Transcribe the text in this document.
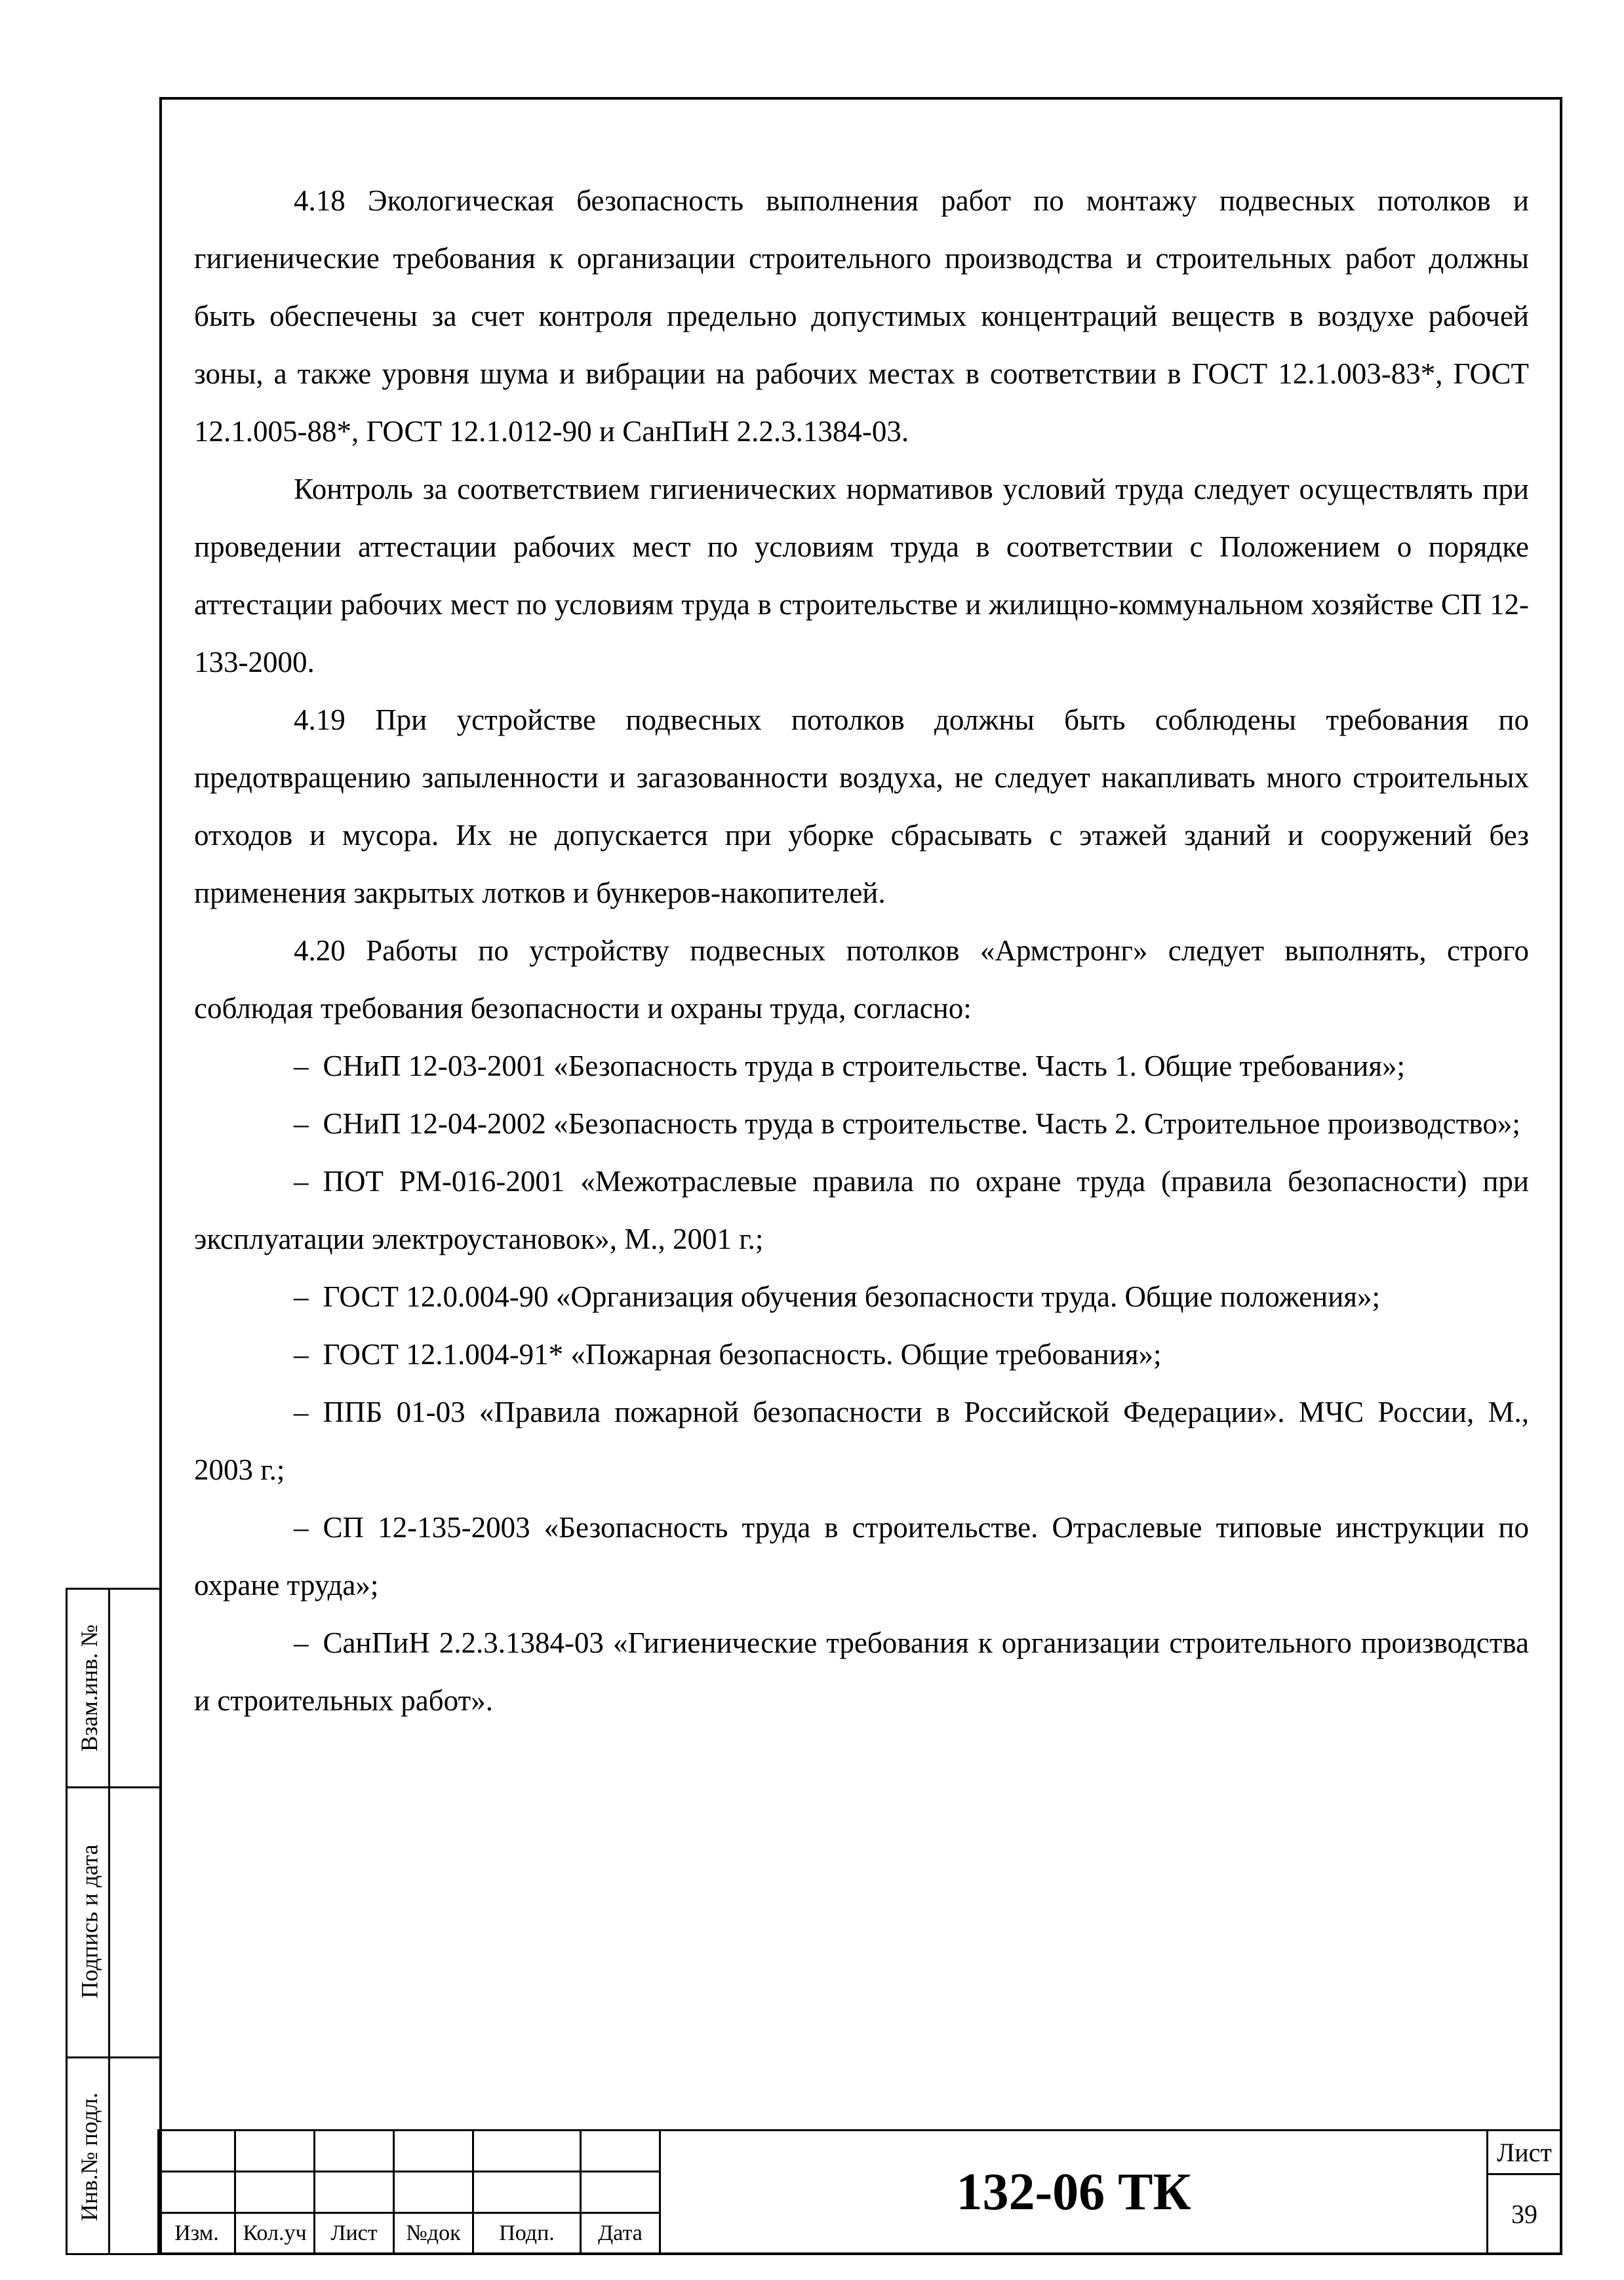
4.18 Экологическая безопасность выполнения работ по монтажу подвесных потолков и гигиенические требования к организации строительного производства и строительных работ должны быть обеспечены за счет контроля предельно допустимых концентраций веществ в воздухе рабочей зоны, а также уровня шума и вибрации на рабочих местах в соответствии в ГОСТ 12.1.003-83*, ГОСТ 12.1.005-88*, ГОСТ 12.1.012-90 и СанПиН 2.2.3.1384-03.

Контроль за соответствием гигиенических нормативов условий труда следует осуществлять при проведении аттестации рабочих мест по условиям труда в соответствии с Положением о порядке аттестации рабочих мест по условиям труда в строительстве и жилищно-коммунальном хозяйстве СП 12-133-2000.

4.19 При устройстве подвесных потолков должны быть соблюдены требования по предотвращению запыленности и загазованности воздуха, не следует накапливать много строительных отходов и мусора. Их не допускается при уборке сбрасывать с этажей зданий и сооружений без применения закрытых лотков и бункеров-накопителей.

4.20 Работы по устройству подвесных потолков «Армстронг» следует выполнять, строго соблюдая требования безопасности и охраны труда, согласно:

– СНиП 12-03-2001 «Безопасность труда в строительстве. Часть 1. Общие требования»;

– СНиП 12-04-2002 «Безопасность труда в строительстве. Часть 2. Строительное производство»;

– ПОТ РМ-016-2001 «Межотраслевые правила по охране труда (правила безопасности) при эксплуатации электроустановок», М., 2001 г.;

– ГОСТ 12.0.004-90 «Организация обучения безопасности труда. Общие положения»;

– ГОСТ 12.1.004-91* «Пожарная безопасность. Общие требования»;

– ППБ 01-03 «Правила пожарной безопасности в Российской Федерации». МЧС России, М., 2003 г.;

– СП 12-135-2003 «Безопасность труда в строительстве. Отраслевые типовые инструкции по охране труда»;

– СанПиН 2.2.3.1384-03 «Гигиенические требования к организации строительного производства и строительных работ».

Взам.инв. №
Подпись и дата
Инв.№ подл.
Изм.	Кол.уч	Лист	№док	Подп.	Дата
132-06 ТК
Лист
39
